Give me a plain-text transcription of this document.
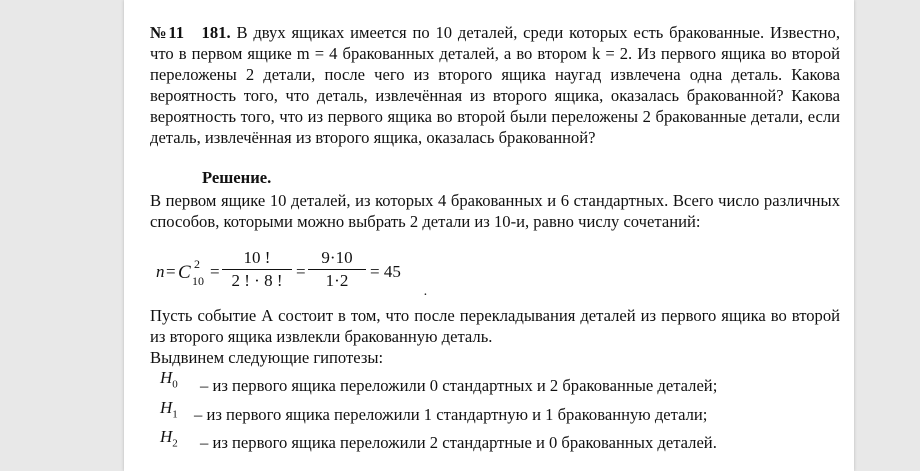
№11 181. В двух ящиках имеется по 10 деталей, среди которых есть бракованные. Известно, что в первом ящике m = 4 бракованных деталей, а во втором k = 2. Из первого ящика во второй переложены 2 детали, после чего из второго ящика наугад извлечена одна деталь. Какова вероятность того, что деталь, извлечённая из второго ящика, оказалась бракованной? Какова вероятность того, что из первого ящика во второй были переложены 2 бракованные детали, если деталь, извлечённая из второго ящика, оказалась бракованной?

Решение.
В первом ящике 10 деталей, из которых 4 бракованных и 6 стандартных. Всего число различных способов, которыми можно выбрать 2 детали из 10-и, равно числу сочетаний:
n = C 2
10 =
10 !
2 ! · 8 ! =
9·10
1·2	= 45
.
Пусть событие А состоит в том, что после перекладывания деталей из первого ящика во второй из второго ящика извлекли бракованную деталь.
Выдвинем следующие гипотезы:
$H_0$ – из первого ящика переложили 0 стандартных и 2 бракованные деталей;
$H_1$ – из первого ящика переложили 1 стандартную и 1 бракованную детали;
$H_2$ – из первого ящика переложили 2 стандартные и 0 бракованных деталей.
